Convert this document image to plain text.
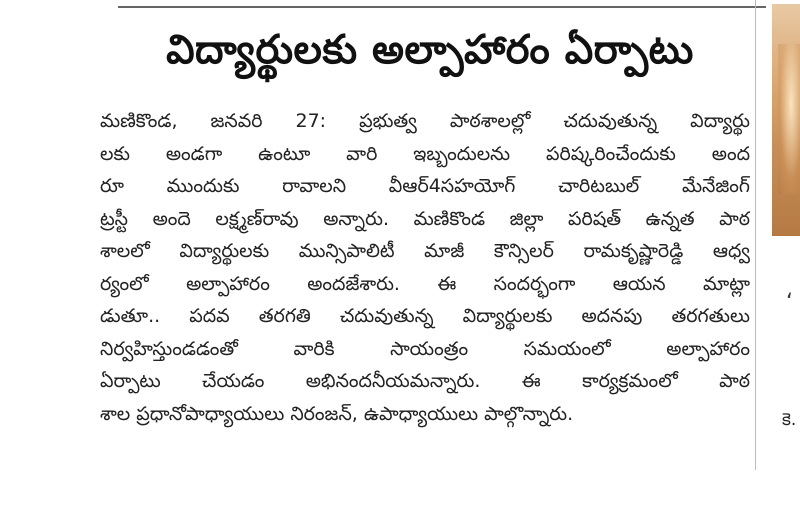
విద్యార్థులకు అల్పాహారం ఏర్పాటు
మణికొండ, జనవరి 27: ప్రభుత్వ పాఠశాలల్లో చదువుతున్న విద్యార్థు
లకు అండగా ఉంటూ వారి ఇబ్బందులను పరిష్కరించేందుకు అంద
రూ ముందుకు రావాలని వీఆర్4సహయోగ్ చారిటబుల్ మేనేజింగ్
ట్రస్టీ అందె లక్ష్మణ్‌రావు అన్నారు. మణికొండ జిల్లా పరిషత్ ఉన్నత పాఠ
శాలలో విద్యార్థులకు మున్సిపాలిటీ మాజీ కౌన్సిలర్ రామకృష్ణారెడ్డి ఆధ్వ
ర్యంలో అల్పాహారం అందజేశారు. ఈ సందర్భంగా ఆయన మాట్లా
డుతూ.. పదవ తరగతి చదువుతున్న విద్యార్థులకు అదనపు తరగతులు
నిర్వహిస్తుండడంతో వారికి సాయంత్రం సమయంలో అల్పాహారం
ఏర్పాటు చేయడం అభినందనీయమన్నారు. ఈ కార్యక్రమంలో పాఠ
శాల ప్రధానోపాధ్యాయులు నిరంజన్, ఉపాధ్యాయులు పాల్గొన్నారు.
‘
కె.
